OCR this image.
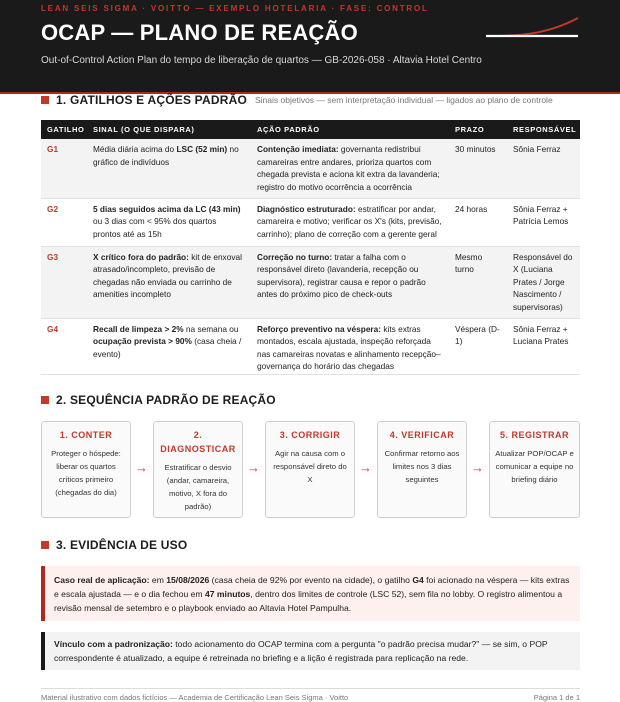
LEAN SEIS SIGMA · VOITTO — EXEMPLO HOTELARIA · FASE: CONTROL
OCAP — PLANO DE REAÇÃO
Out-of-Control Action Plan do tempo de liberação de quartos — GB-2026-058 · Altavia Hotel Centro
1. GATILHOS E AÇÕES PADRÃO Sinais objetivos — sem interpretação individual — ligados ao plano de controle
GATILHO	SINAL (O QUE DISPARA)	AÇÃO PADRÃO	PRAZO	RESPONSÁVEL
G1	Média diária acima do LSC (52 min) no gráfico de indivíduos	Contenção imediata: governanta redistribui camareiras entre andares, prioriza quartos com chegada prevista e aciona kit extra da lavanderia; registro do motivo ocorrência a ocorrência	30 minutos	Sônia Ferraz
G2	5 dias seguidos acima da LC (43 min) ou 3 dias com < 95% dos quartos prontos até as 15h	Diagnóstico estruturado: estratificar por andar, camareira e motivo; verificar os X's (kits, previsão, carrinho); plano de correção com a gerente geral	24 horas	Sônia Ferraz + Patrícia Lemos
G3	X crítico fora do padrão: kit de enxoval atrasado/incompleto, previsão de chegadas não enviada ou carrinho de amenities incompleto	Correção no turno: tratar a falha com o responsável direto (lavanderia, recepção ou supervisora), registrar causa e repor o padrão antes do próximo pico de check-outs	Mesmo turno	Responsável do X (Luciana Prates / Jorge Nascimento / supervisoras)
G4	Recall de limpeza > 2% na semana ou ocupação prevista > 90% (casa cheia / evento)	Reforço preventivo na véspera: kits extras montados, escala ajustada, inspeção reforçada nas camareiras novatas e alinhamento recepção–governança do horário das chegadas	Véspera (D-1)	Sônia Ferraz + Luciana Prates
2. SEQUÊNCIA PADRÃO DE REAÇÃO
1. CONTER
Proteger o hóspede: liberar os quartos críticos primeiro (chegadas do dia)
→
2. DIAGNOSTICAR
Estratificar o desvio (andar, camareira, motivo, X fora do padrão)
→
3. CORRIGIR
Agir na causa com o responsável direto do X
→
4. VERIFICAR
Confirmar retorno aos limites nos 3 dias seguintes
→
5. REGISTRAR
Atualizar POP/OCAP e comunicar a equipe no briefing diário
3. EVIDÊNCIA DE USO
Caso real de aplicação: em 15/08/2026 (casa cheia de 92% por evento na cidade), o gatilho G4 foi acionado na véspera — kits extras e escala ajustada — e o dia fechou em 47 minutos, dentro dos limites de controle (LSC 52), sem fila no lobby. O registro alimentou a revisão mensal de setembro e o playbook enviado ao Altavia Hotel Pampulha.
Vínculo com a padronização: todo acionamento do OCAP termina com a pergunta "o padrão precisa mudar?" — se sim, o POP correspondente é atualizado, a equipe é retreinada no briefing e a lição é registrada para replicação na rede.
Material ilustrativo com dados fictícios — Academia de Certificação Lean Seis Sigma · Voitto	Página 1 de 1
